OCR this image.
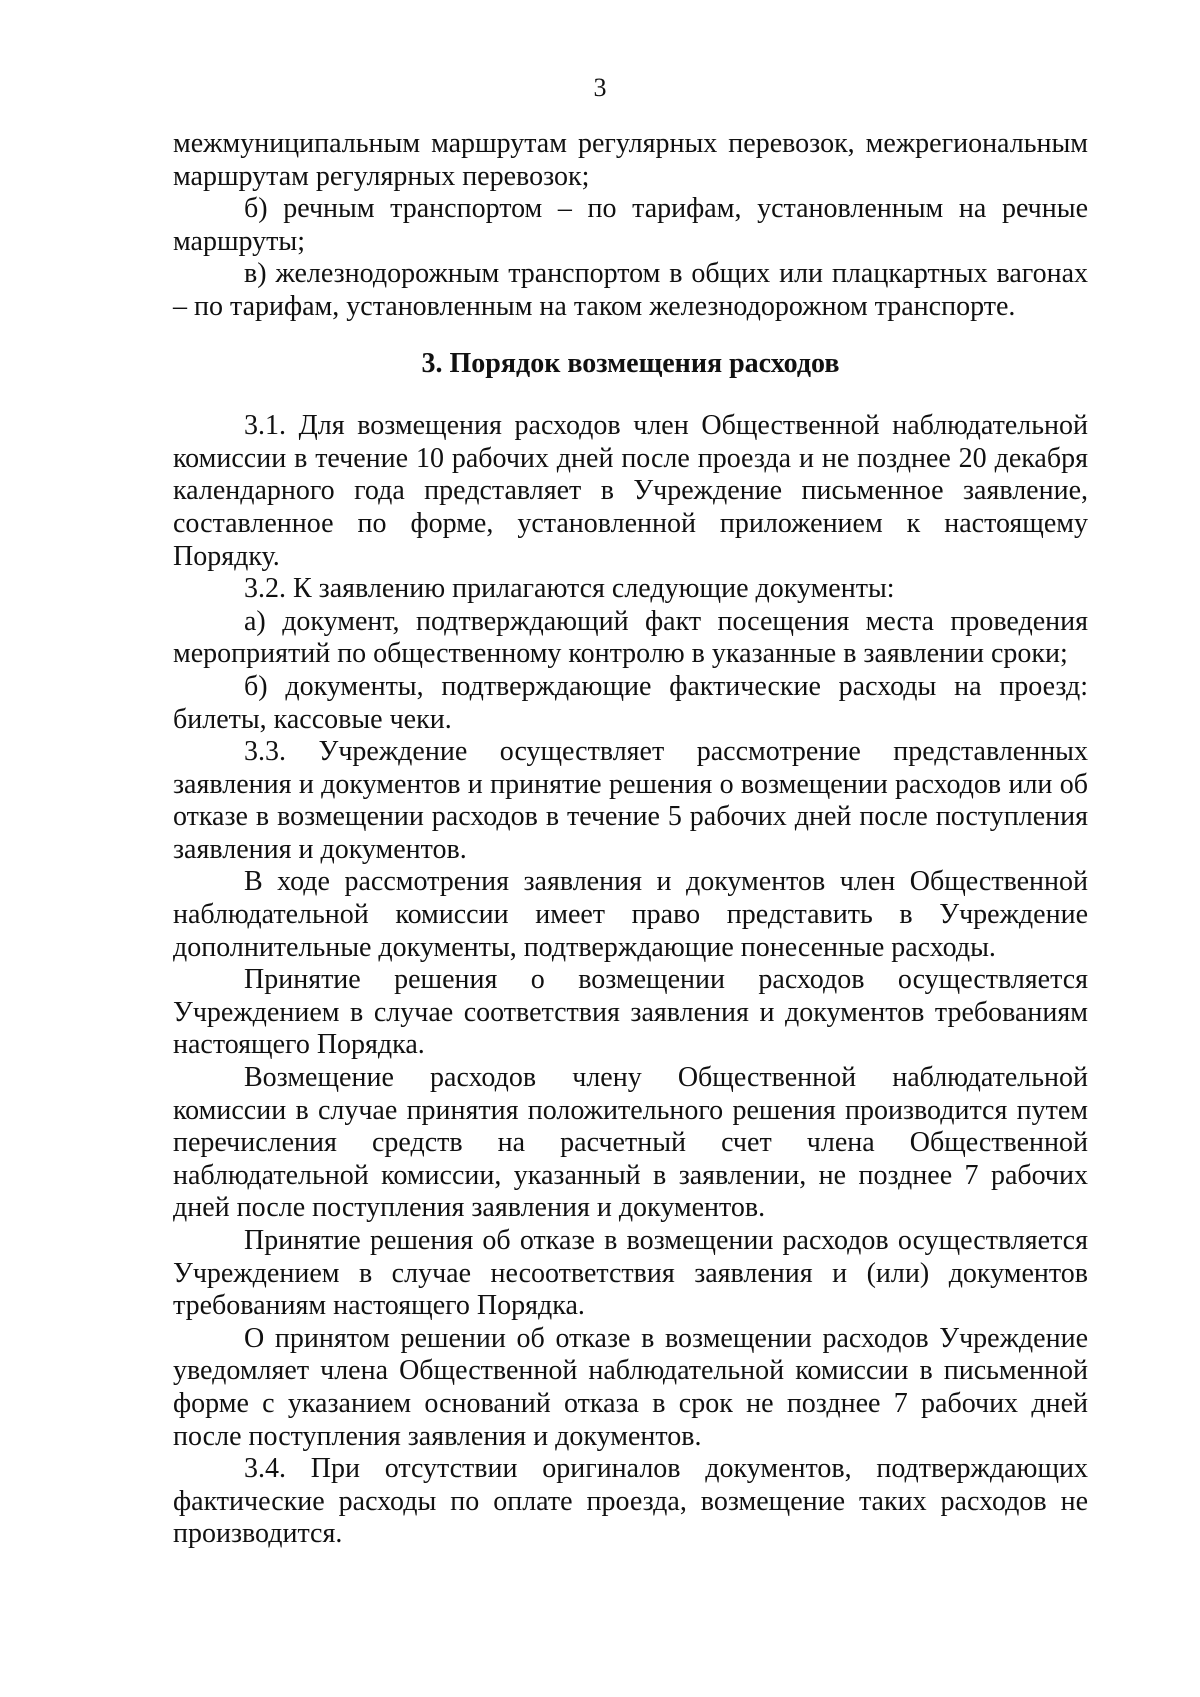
3

межмуниципальным маршрутам регулярных перевозок, межрегиональным маршрутам регулярных перевозок;

б) речным транспортом – по тарифам, установленным на речные маршруты;

в) железнодорожным транспортом в общих или плацкартных вагонах – по тарифам, установленным на таком железнодорожном транспорте.

3. Порядок возмещения расходов

3.1. Для возмещения расходов член Общественной наблюдательной комиссии в течение 10 рабочих дней после проезда и не позднее 20 декабря календарного года представляет в Учреждение письменное заявление, составленное по форме, установленной приложением к настоящему Порядку.

3.2. К заявлению прилагаются следующие документы:

а) документ, подтверждающий факт посещения места проведения мероприятий по общественному контролю в указанные в заявлении сроки;

б) документы, подтверждающие фактические расходы на проезд: билеты, кассовые чеки.

3.3. Учреждение осуществляет рассмотрение представленных заявления и документов и принятие решения о возмещении расходов или об отказе в возмещении расходов в течение 5 рабочих дней после поступления заявления и документов.

В ходе рассмотрения заявления и документов член Общественной наблюдательной комиссии имеет право представить в Учреждение дополнительные документы, подтверждающие понесенные расходы.

Принятие решения о возмещении расходов осуществляется Учреждением в случае соответствия заявления и документов требованиям настоящего Порядка.

Возмещение расходов члену Общественной наблюдательной комиссии в случае принятия положительного решения производится путем перечисления средств на расчетный счет члена Общественной наблюдательной комиссии, указанный в заявлении, не позднее 7 рабочих дней после поступления заявления и документов.

Принятие решения об отказе в возмещении расходов осуществляется Учреждением в случае несоответствия заявления и (или) документов требованиям настоящего Порядка.

О принятом решении об отказе в возмещении расходов Учреждение уведомляет члена Общественной наблюдательной комиссии в письменной форме с указанием оснований отказа в срок не позднее 7 рабочих дней после поступления заявления и документов.

3.4. При отсутствии оригиналов документов, подтверждающих фактические расходы по оплате проезда, возмещение таких расходов не производится.
